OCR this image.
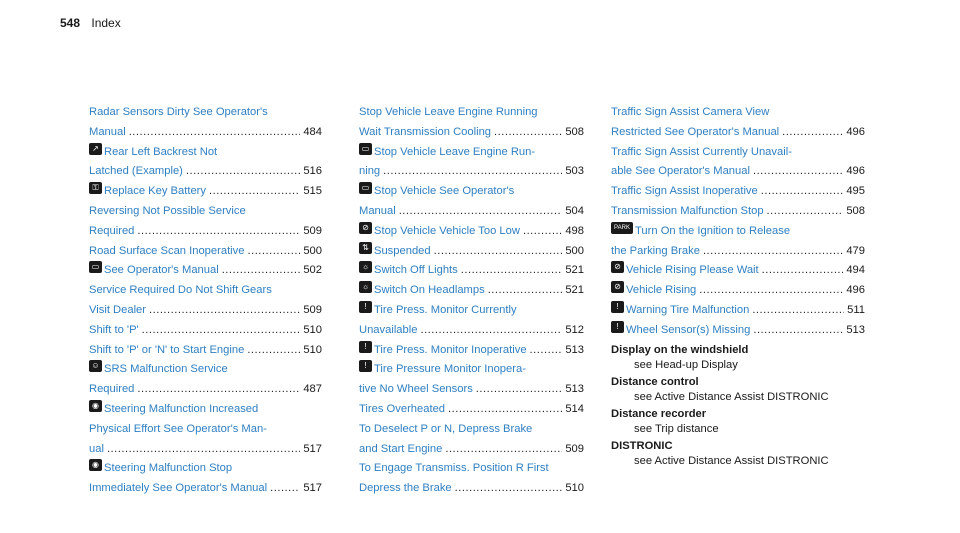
548 Index
Radar Sensors Dirty See Operator's
Manual .....	484
↗ Rear Left Backrest Not
Latched (Example) .....	516
⚿ Replace Key Battery .....	515
Reversing Not Possible Service
Required .....	509
Road Surface Scan Inoperative .....	500
▭ See Operator's Manual .....	502
Service Required Do Not Shift Gears
Visit Dealer .....	509
Shift to 'P' .....	510
Shift to 'P' or 'N' to Start Engine .....	510
☺ SRS Malfunction Service
Required .....	487
◉ Steering Malfunction Increased
Physical Effort See Operator's Man-
ual .....	517
◉ Steering Malfunction Stop
Immediately See Operator's Manual .....	517
Stop Vehicle Leave Engine Running
Wait Transmission Cooling .....	508
▭ Stop Vehicle Leave Engine Run-
ning .....	503
▭ Stop Vehicle See Operator's
Manual .....	504
⊘ Stop Vehicle Vehicle Too Low .....	498
⇅ Suspended .....	500
☼ Switch Off Lights .....	521
☼ Switch On Headlamps .....	521
! Tire Press. Monitor Currently
Unavailable .....	512
! Tire Press. Monitor Inoperative .....	513
! Tire Pressure Monitor Inopera-
tive No Wheel Sensors .....	513
Tires Overheated .....	514
To Deselect P or N, Depress Brake
and Start Engine .....	509
To Engage Transmiss. Position R First
Depress the Brake .....	510
Traffic Sign Assist Camera View
Restricted See Operator's Manual .....	496
Traffic Sign Assist Currently Unavail-
able See Operator's Manual .....	496
Traffic Sign Assist Inoperative .....	495
Transmission Malfunction Stop .....	508
PARK Turn On the Ignition to Release
the Parking Brake .....	479
⊘ Vehicle Rising Please Wait .....	494
⊘ Vehicle Rising .....	496
! Warning Tire Malfunction .....	511
! Wheel Sensor(s) Missing .....	513
Display on the windshield
see Head-up Display
Distance control
see Active Distance Assist DISTRONIC
Distance recorder
see Trip distance
DISTRONIC
see Active Distance Assist DISTRONIC
